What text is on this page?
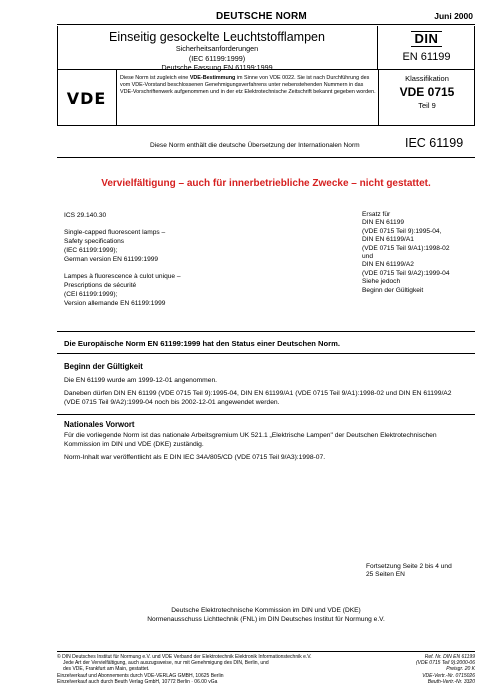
DEUTSCHE NORM	Juni 2000
Einseitig gesockelte Leuchtstofflampen
Sicherheitsanforderungen
(IEC 61199:1999)
Deutsche Fassung EN 61199:1999
DIN
EN 61199
VDE
Diese Norm ist zugleich eine VDE-Bestimmung im Sinne von VDE 0022. Sie ist nach Durchführung des vom VDE-Vorstand beschlossenen Genehmigungsverfahrens unter nebenstehenden Nummern in das VDE-Vorschriftenwerk aufgenommen und in der etz Elektrotechnische Zeitschrift bekannt gegeben worden.
Klassifikation
VDE 0715
Teil 9
Diese Norm enthält die deutsche Übersetzung der Internationalen Norm	IEC 61199
Vervielfältigung – auch für innerbetriebliche Zwecke – nicht gestattet.

ICS 29.140.30

Single-capped fluorescent lamps –
Safety specifications
(IEC 61199:1999);
German version EN 61199:1999

Lampes à fluorescence à culot unique –
Prescriptions de sécurité
(CEI 61199:1999);
Version allemande EN 61199:1999

Ersatz für
DIN EN 61199
(VDE 0715 Teil 9):1995-04,
DIN EN 61199/A1
(VDE 0715 Teil 9/A1):1998-02
und
DIN EN 61199/A2
(VDE 0715 Teil 9/A2):1999-04
Siehe jedoch
Beginn der Gültigkeit
Die Europäische Norm EN 61199:1999 hat den Status einer Deutschen Norm.
Beginn der Gültigkeit
Die EN 61199 wurde am 1999-12-01 angenommen.
Daneben dürfen DIN EN 61199 (VDE 0715 Teil 9):1995-04, DIN EN 61199/A1 (VDE 0715 Teil 9/A1):1998-02 und DIN EN 61199/A2 (VDE 0715 Teil 9/A2):1999-04 noch bis 2002-12-01 angewendet werden.
Nationales Vorwort
Für die vorliegende Norm ist das nationale Arbeitsgremium UK 521.1 „Elektrische Lampen" der Deutschen Elektrotechnischen Kommission im DIN und VDE (DKE) zuständig.
Norm-Inhalt war veröffentlicht als E DIN IEC 34A/805/CD (VDE 0715 Teil 9/A3):1998-07.
Fortsetzung Seite 2 bis 4 und
25 Seiten EN
Deutsche Elektrotechnische Kommission im DIN und VDE (DKE)
Normenausschuss Lichttechnik (FNL) im DIN Deutsches Institut für Normung e.V.
© DIN Deutsches Institut für Normung e.V. und VDE Verband der Elektrotechnik Elektronik Informationstechnik e.V.
Jede Art der Vervielfältigung, auch auszugsweise, nur mit Genehmigung des DIN, Berlin, und
des VDE, Frankfurt am Main, gestattet.
Einzelverkauf und Abonnements durch VDE-VERLAG GMBH, 10625 Berlin
Einzelverkauf auch durch Beuth Verlag GmbH, 10772 Berlin · 06.00 vGa
Ref. Nr. DIN EN 61199
(VDE 0715 Teil 9):2000-06
Preisgr. 20 K
VDE-Vertr.-Nr. 0715026
Beuth-Vertr.-Nr. 3320
